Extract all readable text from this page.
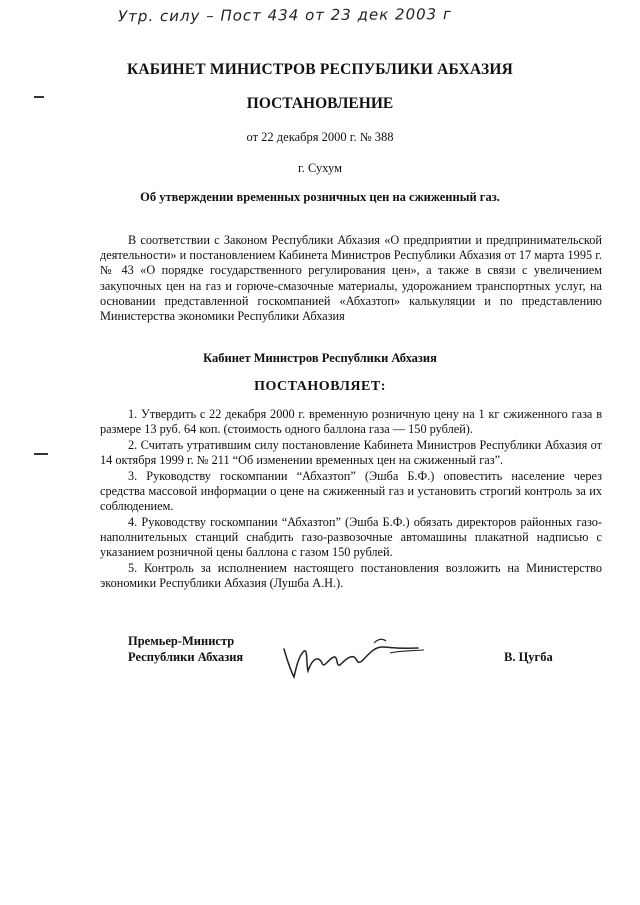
Утр. силу – Пост 434 от 23 дек 2003 г
КАБИНЕТ МИНИСТРОВ РЕСПУБЛИКИ АБХАЗИЯ
ПОСТАНОВЛЕНИЕ
от 22 декабря 2000 г. № 388
г. Сухум
Об утверждении временных розничных цен на сжиженный газ.
В соответствии с Законом Республики Абхазия «О предприятии и предпринимательской деятельности» и постановлением Кабинета Министров Республики Абхазия от 17 марта 1995 г. № 43 «О порядке государственного регулирования цен», а также в связи с увеличением закупочных цен на газ и горюче-смазочные материалы, удорожанием транспортных услуг, на основании представленной госкомпанией «Абхазтоп» калькуляции и по представлению Министерства экономики Республики Абхазия
Кабинет Министров Республики Абхазия
ПОСТАНОВЛЯЕТ:
1. Утвердить с 22 декабря 2000 г. временную розничную цену на 1 кг сжиженного газа в размере 13 руб. 64 коп. (стоимость одного баллона газа — 150 рублей).
2. Считать утратившим силу постановление Кабинета Министров Республики Абхазия от 14 октября 1999 г. № 211 “Об изменении временных цен на сжиженный газ”.
3. Руководству госкомпании “Абхазтоп” (Эшба Б.Ф.) оповестить население через средства массовой информации о цене на сжиженный газ и установить строгий контроль за их соблюдением.
4. Руководству госкомпании “Абхазтоп” (Эшба Б.Ф.) обязать директоров районных газо-наполнительных станций снабдить газо-развозочные автомашины плакатной надписью с указанием розничной цены баллона с газом 150 рублей.
5. Контроль за исполнением настоящего постановления возложить на Министерство экономики Республики Абхазия (Лушба А.Н.).
Премьер-Министр
Республики Абхазия	В. Цугба
